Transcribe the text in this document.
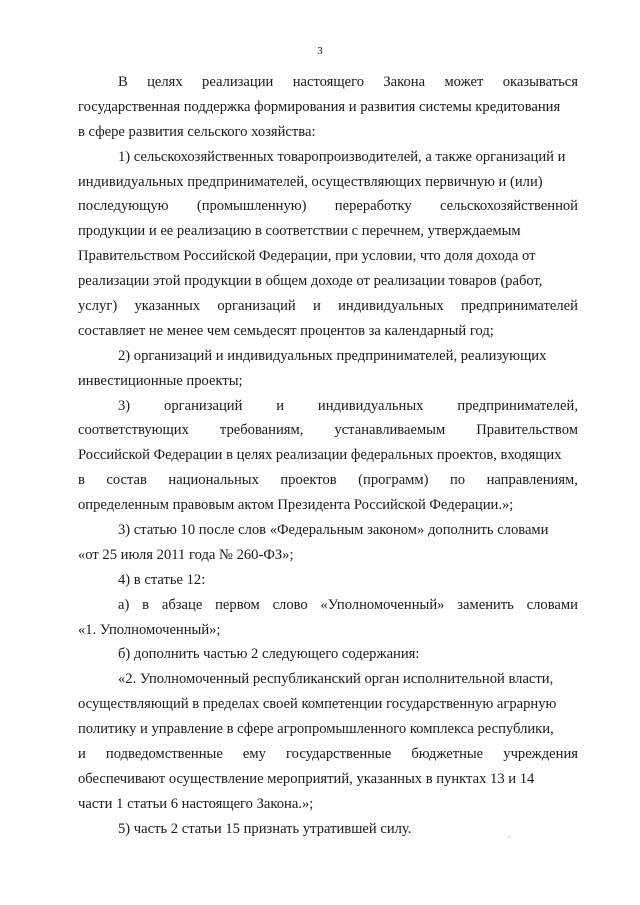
3
В целях реализации настоящего Закона может оказываться
государственная поддержка формирования и развития системы кредитования
в сфере развития сельского хозяйства:
1) сельскохозяйственных товаропроизводителей, а также организаций и
индивидуальных предпринимателей, осуществляющих первичную и (или)
последующую (промышленную) переработку сельскохозяйственной
продукции и ее реализацию в соответствии с перечнем, утверждаемым
Правительством Российской Федерации, при условии, что доля дохода от
реализации этой продукции в общем доходе от реализации товаров (работ,
услуг) указанных организаций и индивидуальных предпринимателей
составляет не менее чем семьдесят процентов за календарный год;
2) организаций и индивидуальных предпринимателей, реализующих
инвестиционные проекты;
3) организаций и индивидуальных предпринимателей,
соответствующих требованиям, устанавливаемым Правительством
Российской Федерации в целях реализации федеральных проектов, входящих
в состав национальных проектов (программ) по направлениям,
определенным правовым актом Президента Российской Федерации.»;
3) статью 10 после слов «Федеральным законом» дополнить словами
«от 25 июля 2011 года № 260-ФЗ»;
4) в статье 12:
а) в абзаце первом слово «Уполномоченный» заменить словами
«1. Уполномоченный»;
б) дополнить частью 2 следующего содержания:
«2. Уполномоченный республиканский орган исполнительной власти,
осуществляющий в пределах своей компетенции государственную аграрную
политику и управление в сфере агропромышленного комплекса республики,
и подведомственные ему государственные бюджетные учреждения
обеспечивают осуществление мероприятий, указанных в пунктах 13 и 14
части 1 статьи 6 настоящего Закона.»;
5) часть 2 статьи 15 признать утратившей силу.
